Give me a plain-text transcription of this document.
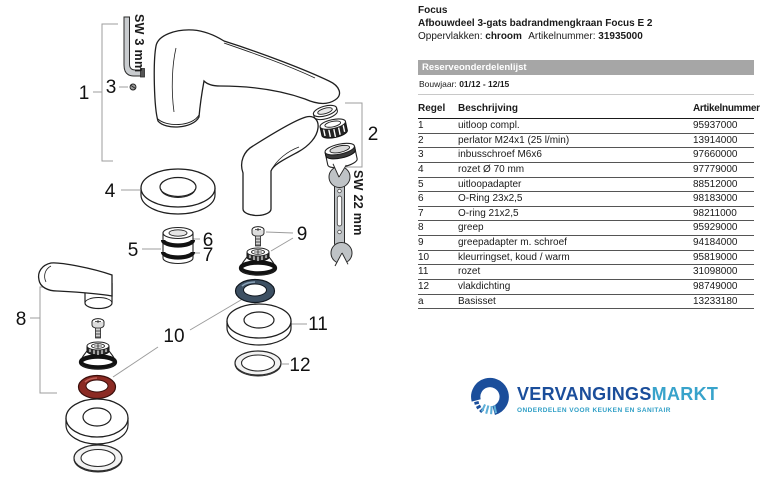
SW 3 mm
SW 22 mm
1
2
3
4
5	6
7
8
9
10
11
12
Focus
Afbouwdeel 3-gats badrandmengkraan Focus E 2
Oppervlakken: chroom Artikelnummer: 31935000
Reserveonderdelenlijst
Bouwjaar: 01/12 - 12/15
Regel	Beschrijving	Artikelnummer
1	uitloop compl.	95937000
2	perlator M24x1 (25 l/min)	13914000
3	inbusschroef M6x6	97660000
4	rozet Ø 70 mm	97779000
5	uitloopadapter	88512000
6	O-Ring 23x2,5	98183000
7	O-ring 21x2,5	98211000
8	greep	95929000
9	greepadapter m. schroef	94184000
10	kleurringset, koud / warm	95819000
11	rozet	31098000
12	vlakdichting	98749000
a	Basisset	13233180
VERVANGINGSMARKT
ONDERDELEN VOOR KEUKEN EN SANITAIR
